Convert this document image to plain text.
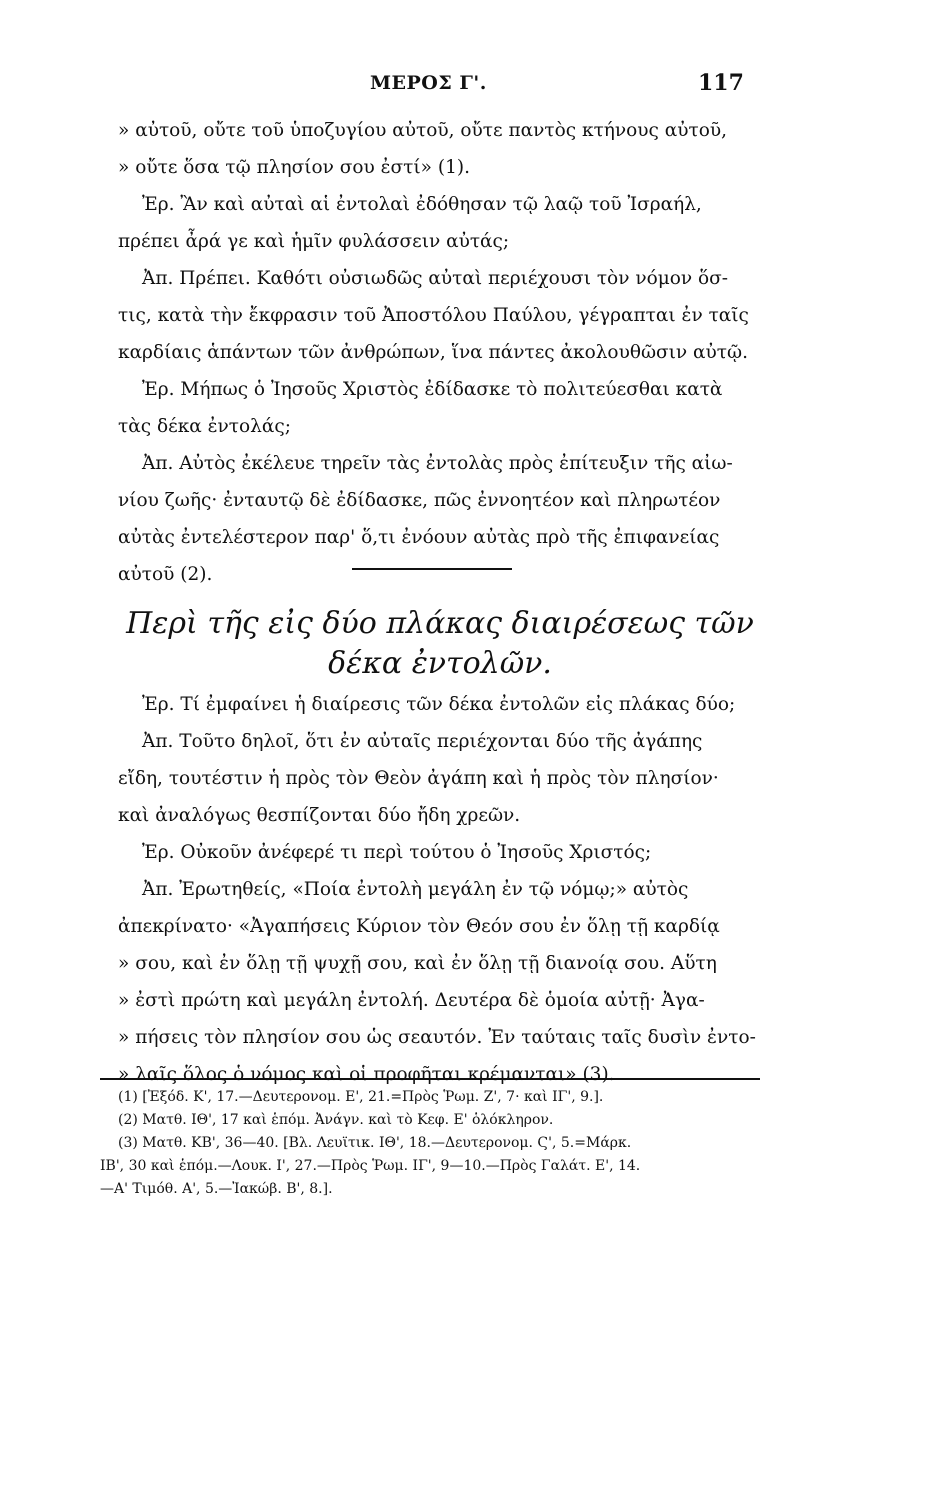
ΜΕΡΟΣ Γ'.	117
» αὐτοῦ, οὔτε τοῦ ὑποζυγίου αὐτοῦ, οὔτε παντὸς κτήνους αὐτοῦ,
» οὔτε ὅσα τῷ πλησίον σου ἐστί» (1).
Ἐρ. Ἂν καὶ αὐταὶ αἱ ἐντολαὶ ἐδόθησαν τῷ λαῷ τοῦ Ἰσραήλ,
πρέπει ἆρά γε καὶ ἡμῖν φυλάσσειν αὐτάς;
Ἀπ. Πρέπει. Καθότι οὐσιωδῶς αὐταὶ περιέχουσι τὸν νόμον ὅσ-
τις, κατὰ τὴν ἔκφρασιν τοῦ Ἀποστόλου Παύλου, γέγραπται ἐν ταῖς
καρδίαις ἁπάντων τῶν ἀνθρώπων, ἵνα πάντες ἀκολουθῶσιν αὐτῷ.
Ἐρ. Μήπως ὁ Ἰησοῦς Χριστὸς ἐδίδασκε τὸ πολιτεύεσθαι κατὰ
τὰς δέκα ἐντολάς;
Ἀπ. Αὐτὸς ἐκέλευε τηρεῖν τὰς ἐντολὰς πρὸς ἐπίτευξιν τῆς αἰω-
νίου ζωῆς· ἐνταυτῷ δὲ ἐδίδασκε, πῶς ἐννοητέον καὶ πληρωτέον
αὐτὰς ἐντελέστερον παρ' ὅ,τι ἐνόουν αὐτὰς πρὸ τῆς ἐπιφανείας
αὐτοῦ (2).
Περὶ τῆς εἰς δύο πλάκας διαιρέσεως τῶν
δέκα ἐντολῶν.
Ἐρ. Τί ἐμφαίνει ἡ διαίρεσις τῶν δέκα ἐντολῶν εἰς πλάκας δύο;
Ἀπ. Τοῦτο δηλοῖ, ὅτι ἐν αὐταῖς περιέχονται δύο τῆς ἀγάπης
εἴδη, τουτέστιν ἡ πρὸς τὸν Θεὸν ἀγάπη καὶ ἡ πρὸς τὸν πλησίον·
καὶ ἀναλόγως θεσπίζονται δύο ἤδη χρεῶν.
Ἐρ. Οὐκοῦν ἀνέφερέ τι περὶ τούτου ὁ Ἰησοῦς Χριστός;
Ἀπ. Ἐρωτηθείς, «Ποία ἐντολὴ μεγάλη ἐν τῷ νόμῳ;» αὐτὸς
ἀπεκρίνατο· «Ἀγαπήσεις Κύριον τὸν Θεόν σου ἐν ὅλῃ τῇ καρδίᾳ
» σου, καὶ ἐν ὅλῃ τῇ ψυχῇ σου, καὶ ἐν ὅλῃ τῇ διανοίᾳ σου. Αὕτη
» ἐστὶ πρώτη καὶ μεγάλη ἐντολή. Δευτέρα δὲ ὁμοία αὐτῇ· Ἀγα-
» πήσεις τὸν πλησίον σου ὡς σεαυτόν. Ἐν ταύταις ταῖς δυσὶν ἐντο-
» λαῖς ὅλος ὁ νόμος καὶ οἱ προφῆται κρέμανται» (3).
(1) [Ἐξόδ. Κ', 17.—Δευτερονομ. Ε', 21.=Πρὸς Ῥωμ. Ζ', 7· καὶ ΙΓ', 9.].
(2) Ματθ. ΙΘ', 17 καὶ ἑπόμ. Ἀνάγν. καὶ τὸ Κεφ. Ε' ὁλόκληρον.
(3) Ματθ. ΚΒ', 36—40. [Βλ. Λευϊτικ. ΙΘ', 18.—Δευτερονομ. Ϛ', 5.=Μάρκ.
ΙΒ', 30 καὶ ἑπόμ.—Λουκ. Ι', 27.—Πρὸς Ῥωμ. ΙΓ', 9—10.—Πρὸς Γαλάτ. Ε', 14.
—Α' Τιμόθ. Α', 5.—Ἰακώβ. Β', 8.].
